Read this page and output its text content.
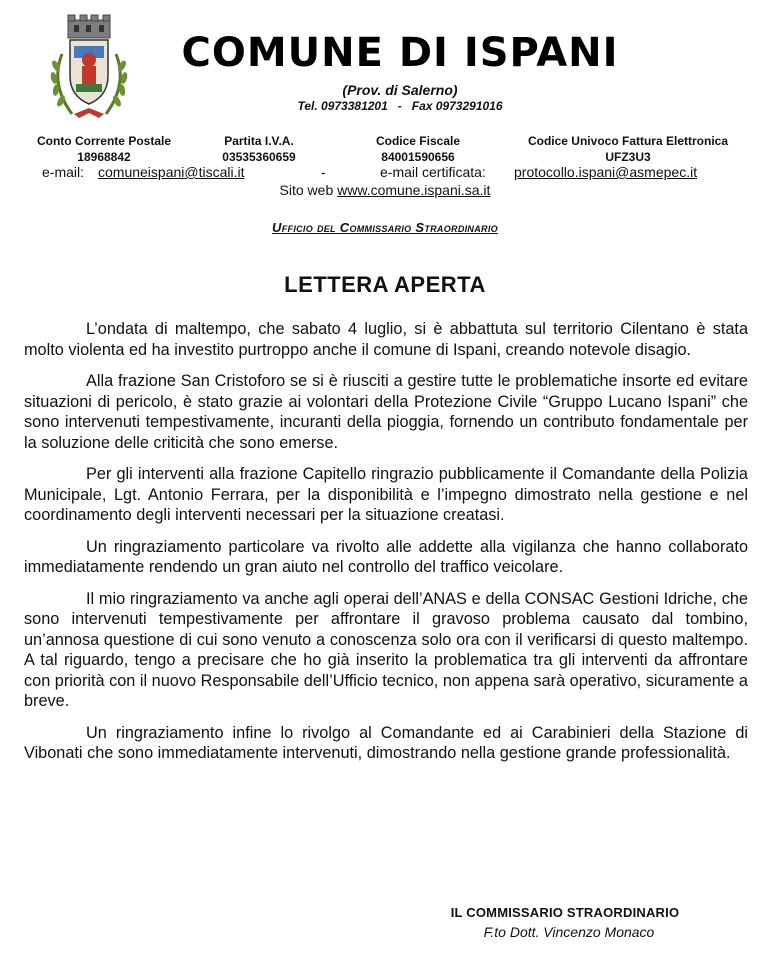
COMUNE DI ISPANI
(Prov. di Salerno)
Tel. 0973381201   -   Fax 0973291016
Conto Corrente Postale
18968842
Partita I.V.A.
03535360659
Codice Fiscale
84001590656
Codice Univoco Fattura Elettronica
UFZ3U3
e-mail: comuneispani@tiscali.it	-	e-mail certificata: protocollo.ispani@asmepec.it
Sito web www.comune.ispani.sa.it
Ufficio del Commissario Straordinario
LETTERA APERTA

L’ondata di maltempo, che sabato 4 luglio, si è abbattuta sul territorio Cilentano è stata molto violenta ed ha investito purtroppo anche il comune di Ispani, creando notevole disagio.

Alla frazione San Cristoforo se si è riusciti a gestire tutte le problematiche insorte ed evitare situazioni di pericolo, è stato grazie ai volontari della Protezione Civile “Gruppo Lucano Ispani” che sono intervenuti tempestivamente, incuranti della pioggia, fornendo un contributo fondamentale per la soluzione delle criticità che sono emerse.

Per gli interventi alla frazione Capitello ringrazio pubblicamente il Comandante della Polizia Municipale, Lgt. Antonio Ferrara, per la disponibilità e l’impegno dimostrato nella gestione e nel coordinamento degli interventi necessari per la situazione creatasi.

Un ringraziamento particolare va rivolto alle addette alla vigilanza che hanno collaborato immediatamente rendendo un gran aiuto nel controllo del traffico veicolare.

Il mio ringraziamento va anche agli operai dell’ANAS e della CONSAC Gestioni Idriche, che sono intervenuti tempestivamente per affrontare il gravoso problema causato dal tombino, un’annosa questione di cui sono venuto a conoscenza solo ora con il verificarsi di questo maltempo. A tal riguardo, tengo a precisare che ho già inserito la problematica tra gli interventi da affrontare con priorità con il nuovo Responsabile dell’Ufficio tecnico, non appena sarà operativo, sicuramente a breve.

Un ringraziamento infine lo rivolgo al Comandante ed ai Carabinieri della Stazione di Vibonati che sono immediatamente intervenuti, dimostrando nella gestione grande professionalità.

IL COMMISSARIO STRAORDINARIO
F.to Dott. Vincenzo Monaco
